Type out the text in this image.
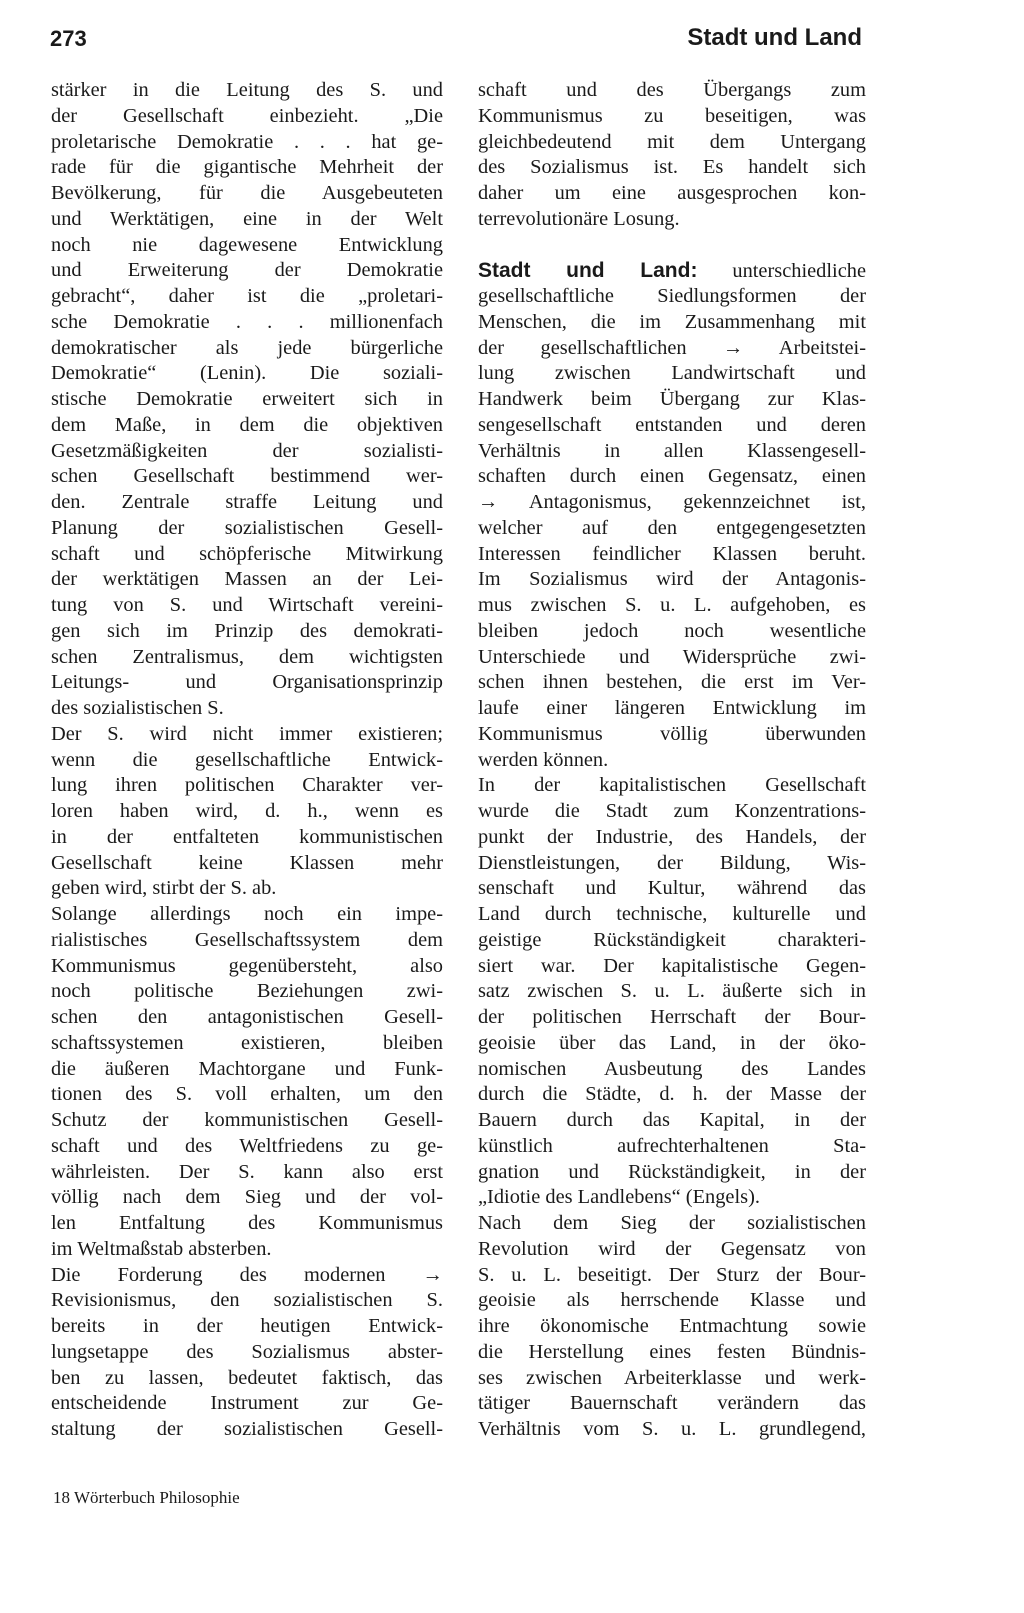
273	Stadt und Land
stärker in die Leitung des S. und
der Gesellschaft einbezieht. „Die
proletarische Demokratie . . . hat ge-
rade für die gigantische Mehrheit der
Bevölkerung, für die Ausgebeuteten
und Werktätigen, eine in der Welt
noch nie dagewesene Entwicklung
und Erweiterung der Demokratie
gebracht“, daher ist die „proletari-
sche Demokratie . . . millionenfach
demokratischer als jede bürgerliche
Demokratie“ (Lenin). Die soziali-
stische Demokratie erweitert sich in
dem Maße, in dem die objektiven
Gesetzmäßigkeiten der sozialisti-
schen Gesellschaft bestimmend wer-
den. Zentrale straffe Leitung und
Planung der sozialistischen Gesell-
schaft und schöpferische Mitwirkung
der werktätigen Massen an der Lei-
tung von S. und Wirtschaft vereini-
gen sich im Prinzip des demokrati-
schen Zentralismus, dem wichtigsten
Leitungs- und Organisationsprinzip
des sozialistischen S.
Der S. wird nicht immer existieren;
wenn die gesellschaftliche Entwick-
lung ihren politischen Charakter ver-
loren haben wird, d. h., wenn es
in der entfalteten kommunistischen
Gesellschaft keine Klassen mehr
geben wird, stirbt der S. ab.
Solange allerdings noch ein impe-
rialistisches Gesellschaftssystem dem
Kommunismus gegenübersteht, also
noch politische Beziehungen zwi-
schen den antagonistischen Gesell-
schaftssystemen existieren, bleiben
die äußeren Machtorgane und Funk-
tionen des S. voll erhalten, um den
Schutz der kommunistischen Gesell-
schaft und des Weltfriedens zu ge-
währleisten. Der S. kann also erst
völlig nach dem Sieg und der vol-
len Entfaltung des Kommunismus
im Weltmaßstab absterben.
Die Forderung des modernen →
Revisionismus, den sozialistischen S.
bereits in der heutigen Entwick-
lungsetappe des Sozialismus abster-
ben zu lassen, bedeutet faktisch, das
entscheidende Instrument zur Ge-
staltung der sozialistischen Gesell-
schaft und des Übergangs zum
Kommunismus zu beseitigen, was
gleichbedeutend mit dem Untergang
des Sozialismus ist. Es handelt sich
daher um eine ausgesprochen kon-
terrevolutionäre Losung.
Stadt und Land: unterschiedliche
gesellschaftliche Siedlungsformen der
Menschen, die im Zusammenhang mit
der gesellschaftlichen → Arbeitstei-
lung zwischen Landwirtschaft und
Handwerk beim Übergang zur Klas-
sengesellschaft entstanden und deren
Verhältnis in allen Klassengesell-
schaften durch einen Gegensatz, einen
→ Antagonismus, gekennzeichnet ist,
welcher auf den entgegengesetzten
Interessen feindlicher Klassen beruht.
Im Sozialismus wird der Antagonis-
mus zwischen S. u. L. aufgehoben, es
bleiben jedoch noch wesentliche
Unterschiede und Widersprüche zwi-
schen ihnen bestehen, die erst im Ver-
laufe einer längeren Entwicklung im
Kommunismus völlig überwunden
werden können.
In der kapitalistischen Gesellschaft
wurde die Stadt zum Konzentrations-
punkt der Industrie, des Handels, der
Dienstleistungen, der Bildung, Wis-
senschaft und Kultur, während das
Land durch technische, kulturelle und
geistige Rückständigkeit charakteri-
siert war. Der kapitalistische Gegen-
satz zwischen S. u. L. äußerte sich in
der politischen Herrschaft der Bour-
geoisie über das Land, in der öko-
nomischen Ausbeutung des Landes
durch die Städte, d. h. der Masse der
Bauern durch das Kapital, in der
künstlich aufrechterhaltenen Sta-
gnation und Rückständigkeit, in der
„Idiotie des Landlebens“ (Engels).
Nach dem Sieg der sozialistischen
Revolution wird der Gegensatz von
S. u. L. beseitigt. Der Sturz der Bour-
geoisie als herrschende Klasse und
ihre ökonomische Entmachtung sowie
die Herstellung eines festen Bündnis-
ses zwischen Arbeiterklasse und werk-
tätiger Bauernschaft verändern das
Verhältnis vom S. u. L. grundlegend,
18 Wörterbuch Philosophie
